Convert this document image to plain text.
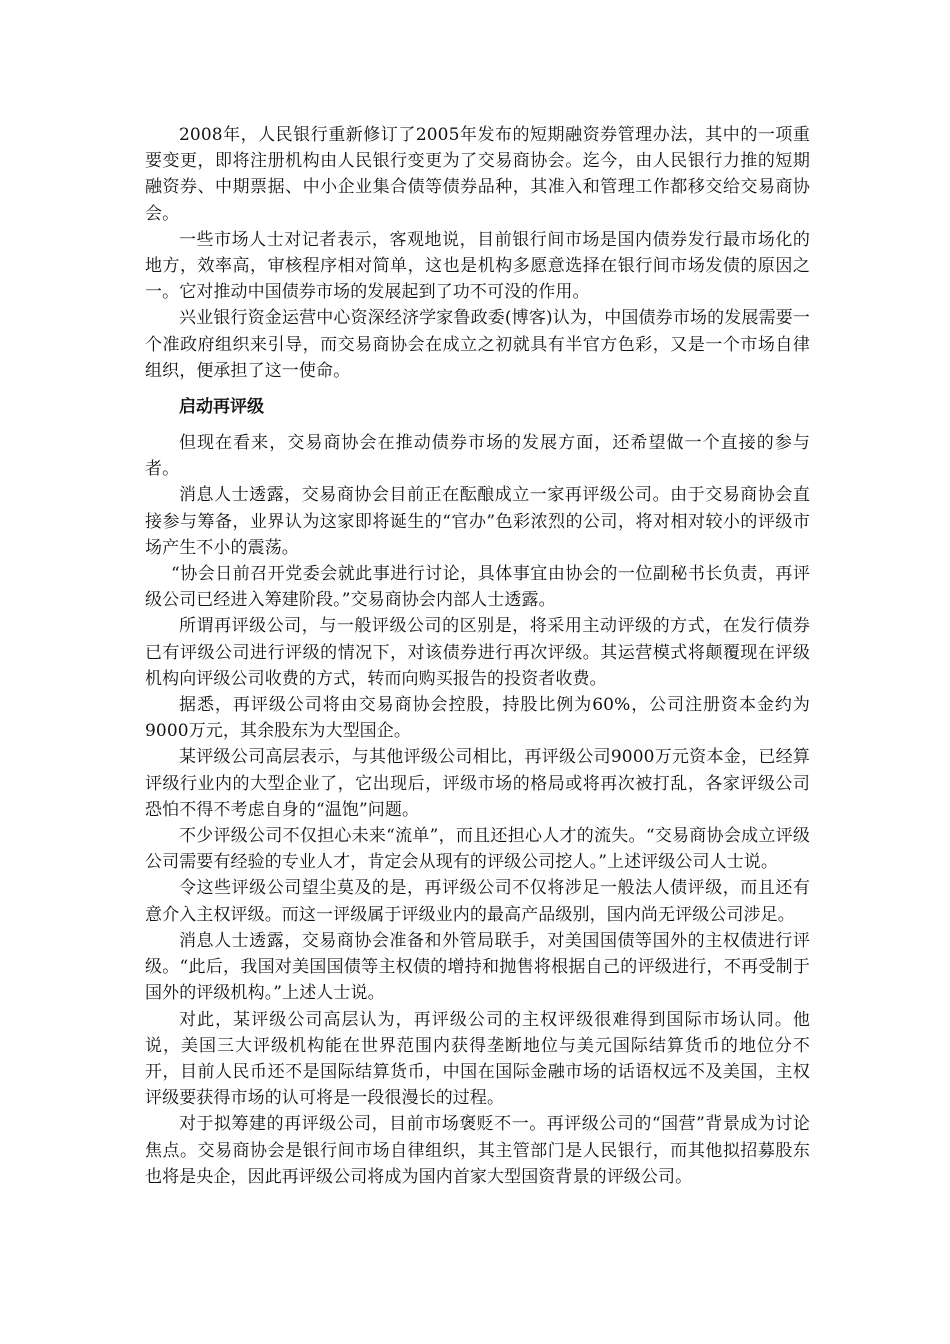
2008年，人民银行重新修订了2005年发布的短期融资券管理办法，其中的一项重要变更，即将注册机构由人民银行变更为了交易商协会。迄今，由人民银行力推的短期融资券、中期票据、中小企业集合债等债券品种，其准入和管理工作都移交给交易商协会。

一些市场人士对记者表示，客观地说，目前银行间市场是国内债券发行最市场化的地方，效率高，审核程序相对简单，这也是机构多愿意选择在银行间市场发债的原因之一。它对推动中国债券市场的发展起到了功不可没的作用。

兴业银行资金运营中心资深经济学家鲁政委(博客)认为，中国债券市场的发展需要一个准政府组织来引导，而交易商协会在成立之初就具有半官方色彩，又是一个市场自律组织，便承担了这一使命。

启动再评级

但现在看来，交易商协会在推动债券市场的发展方面，还希望做一个直接的参与者。

消息人士透露，交易商协会目前正在酝酿成立一家再评级公司。由于交易商协会直接参与筹备，业界认为这家即将诞生的“官办”色彩浓烈的公司，将对相对较小的评级市场产生不小的震荡。

“协会日前召开党委会就此事进行讨论，具体事宜由协会的一位副秘书长负责，再评级公司已经进入筹建阶段。”交易商协会内部人士透露。

所谓再评级公司，与一般评级公司的区别是，将采用主动评级的方式，在发行债券已有评级公司进行评级的情况下，对该债券进行再次评级。其运营模式将颠覆现在评级机构向评级公司收费的方式，转而向购买报告的投资者收费。

据悉，再评级公司将由交易商协会控股，持股比例为60%，公司注册资本金约为9000万元，其余股东为大型国企。

某评级公司高层表示，与其他评级公司相比，再评级公司9000万元资本金，已经算评级行业内的大型企业了，它出现后，评级市场的格局或将再次被打乱，各家评级公司恐怕不得不考虑自身的“温饱”问题。

不少评级公司不仅担心未来“流单”，而且还担心人才的流失。“交易商协会成立评级公司需要有经验的专业人才，肯定会从现有的评级公司挖人。”上述评级公司人士说。

令这些评级公司望尘莫及的是，再评级公司不仅将涉足一般法人债评级，而且还有意介入主权评级。而这一评级属于评级业内的最高产品级别，国内尚无评级公司涉足。

消息人士透露，交易商协会准备和外管局联手，对美国国债等国外的主权债进行评级。“此后，我国对美国国债等主权债的增持和抛售将根据自己的评级进行，不再受制于国外的评级机构。”上述人士说。

对此，某评级公司高层认为，再评级公司的主权评级很难得到国际市场认同。他说，美国三大评级机构能在世界范围内获得垄断地位与美元国际结算货币的地位分不开，目前人民币还不是国际结算货币，中国在国际金融市场的话语权远不及美国，主权评级要获得市场的认可将是一段很漫长的过程。

对于拟筹建的再评级公司，目前市场褒贬不一。再评级公司的“国营”背景成为讨论焦点。交易商协会是银行间市场自律组织，其主管部门是人民银行，而其他拟招募股东也将是央企，因此再评级公司将成为国内首家大型国资背景的评级公司。
